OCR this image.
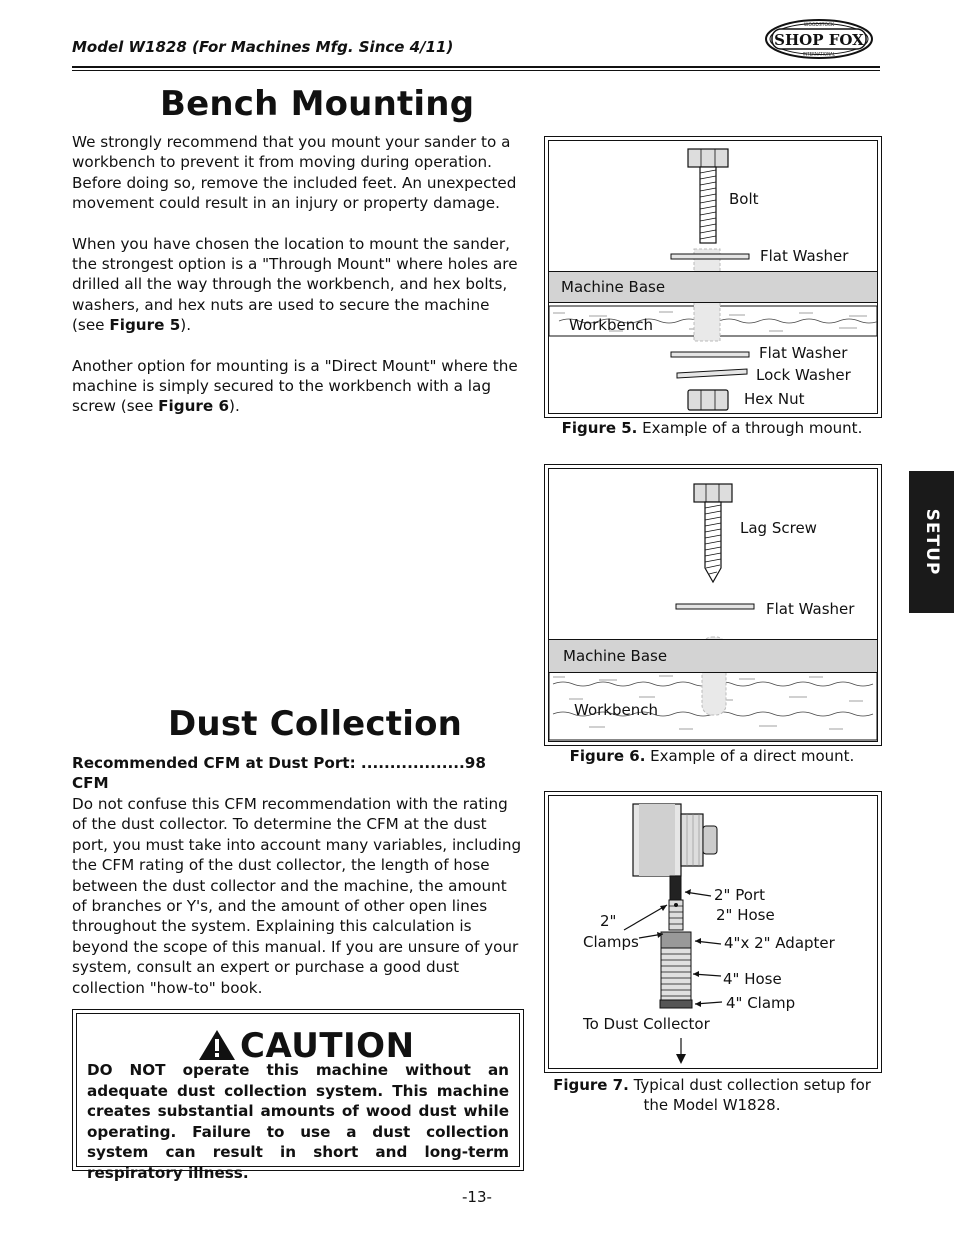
Model W1828 (For Machines Mfg. Since 4/11)	SHOP FOX
WOODSTOCK
INTERNATIONAL
SETUP
Bench Mounting
We strongly recommend that you mount your sander to a workbench to prevent it from moving during operation. Before doing so, remove the included feet. An unexpected movement could result in an injury or property damage.
When you have chosen the location to mount the sander, the strongest option is a "Through Mount" where holes are drilled all the way through the workbench, and hex bolts, washers, and hex nuts are used to secure the machine (see Figure 5).
Another option for mounting is a "Direct Mount" where the machine is simply secured to the workbench with a lag screw (see Figure 6).
Machine Base
Workbench
Bolt
Flat Washer
Flat Washer
Lock Washer
Hex Nut
Figure 5. Example of a through mount.
Machine Base
Workbench
Lag Screw
Flat Washer
Figure 6. Example of a direct mount.
Dust Collection
Recommended CFM at Dust Port: ..................98 CFM
Do not confuse this CFM recommendation with the rating of the dust collector. To determine the CFM at the dust port, you must take into account many variables, including the CFM rating of the dust collector, the length of hose between the dust collector and the machine, the amount of branches or Y's, and the amount of other open lines throughout the system. Explaining this calculation is beyond the scope of this manual. If you are unsure of your system, consult an expert or purchase a good dust collection "how-to" book.
2" Port
2" Hose
2"
Clamps	4"x 2" Adapter
4" Hose
4" Clamp
To Dust Collector
Figure 7. Typical dust collection setup for the Model W1828.
CAUTION
DO NOT operate this machine without an adequate dust collection system. This machine creates substantial amounts of wood dust while operating. Failure to use a dust collection system can result in short and long-term respiratory illness.
-13-
